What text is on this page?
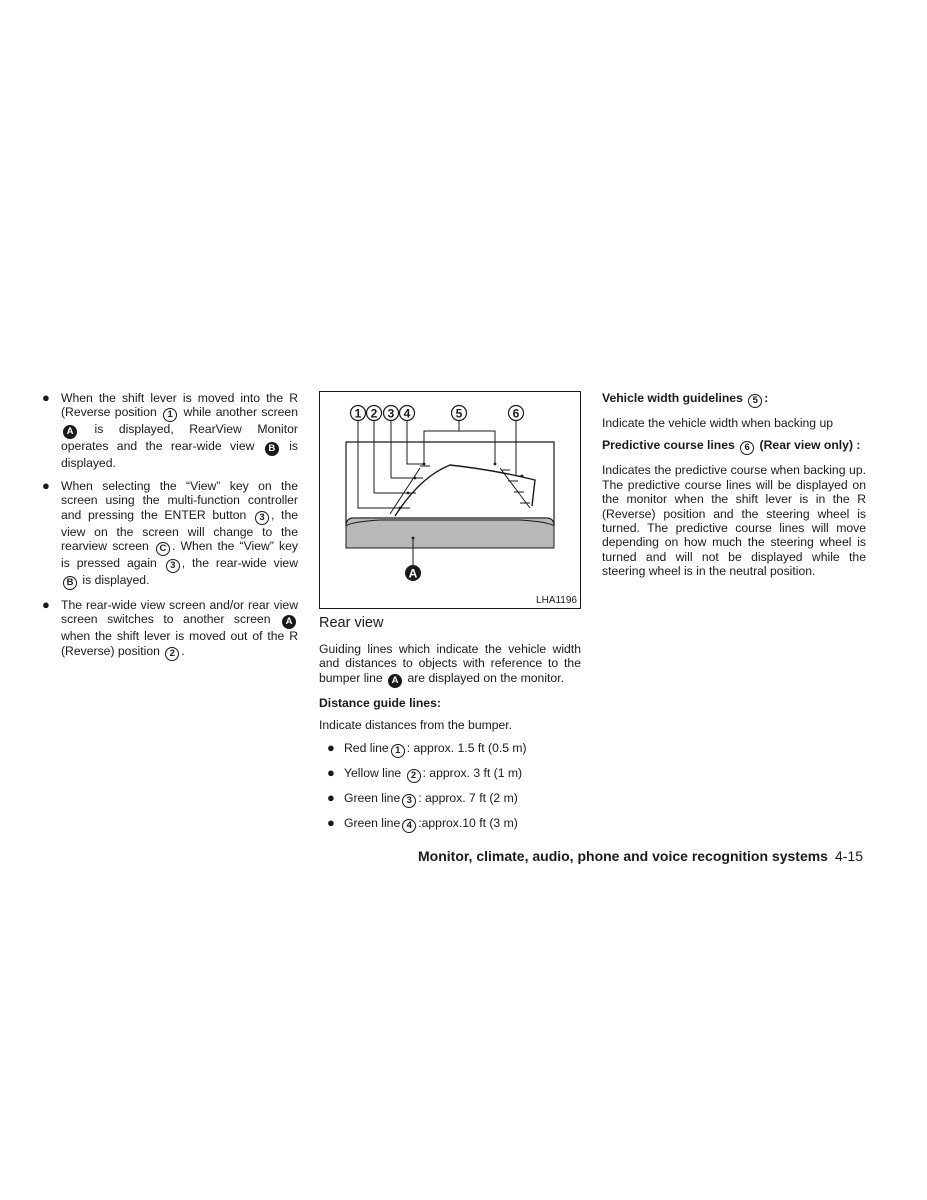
● When the shift lever is moved into the R (Reverse position 1 while another screen A is displayed, RearView Monitor operates and the rear-wide view B is displayed.
● When selecting the “View” key on the screen using the multi-function controller and pressing the ENTER button 3 , the view on the screen will change to the rearview screen C . When the “View” key is pressed again 3 , the rear-wide view B is displayed.
● The rear-wide view screen and/or rear view screen switches to another screen A when the shift lever is moved out of the R (Reverse) position 2 .
1 2 3 4	5	6
A
LHA1196
Rear view
Guiding lines which indicate the vehicle width and distances to objects with reference to the bumper line A are displayed on the monitor.
Distance guide lines:
Indicate distances from the bumper.
● Red line 1 : approx. 1.5 ft (0.5 m)
● Yellow line 2 : approx. 3 ft (1 m)
● Green line 3 : approx. 7 ft (2 m)
● Green line 4 :approx.10 ft (3 m)
Vehicle width guidelines 5 :
Indicate the vehicle width when backing up
Predictive course lines 6 (Rear view only) :
Indicates the predictive course when backing up. The predictive course lines will be displayed on the monitor when the shift lever is in the R (Reverse) position and the steering wheel is turned. The predictive course lines will move depending on how much the steering wheel is turned and will not be displayed while the steering wheel is in the neutral position.
Monitor, climate, audio, phone and voice recognition systems 4-15
